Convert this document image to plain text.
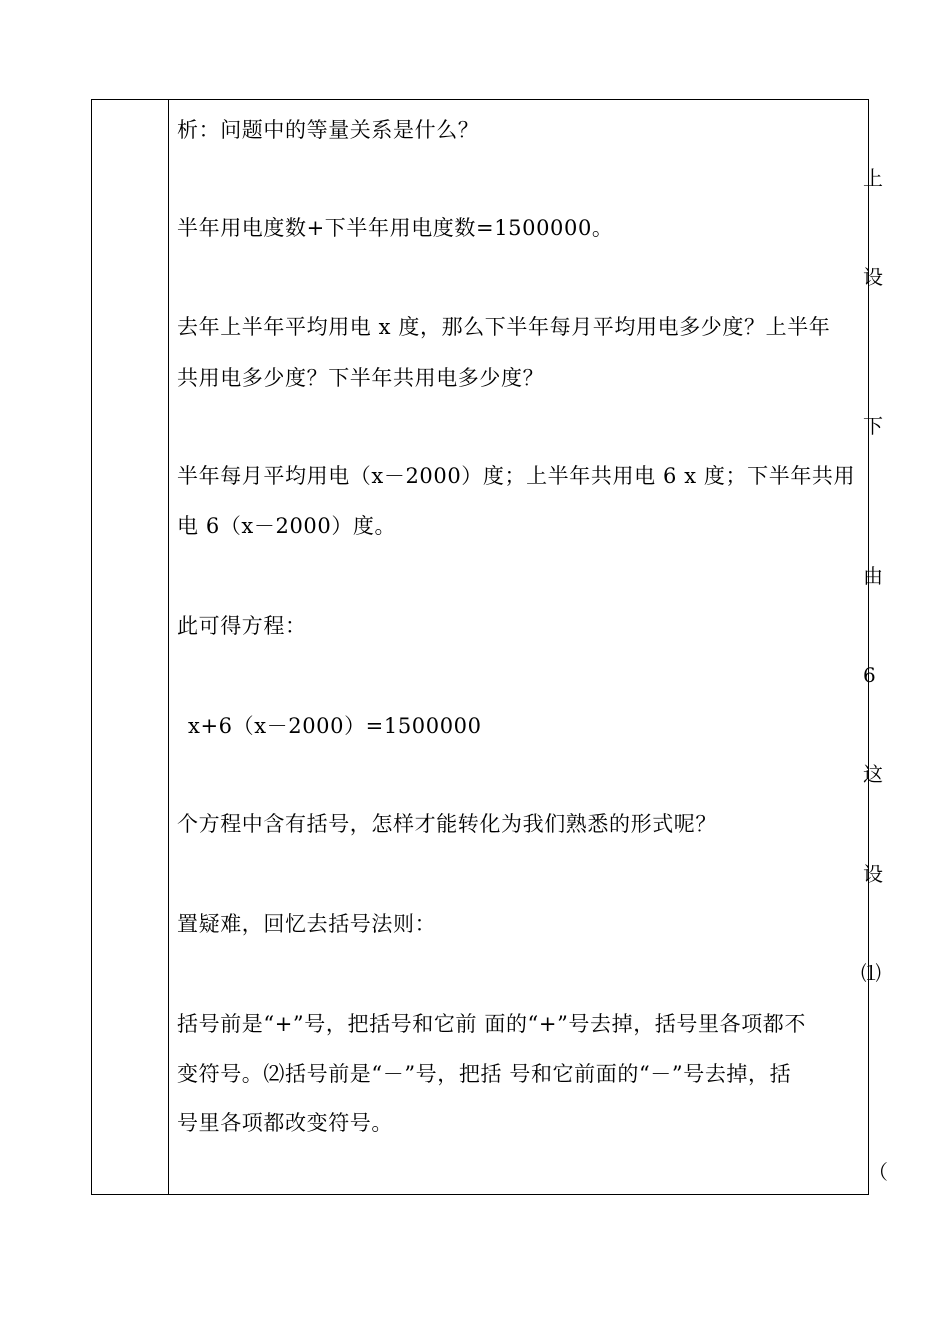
析：问题中的等量关系是什么？
半年用电度数+下半年用电度数=1500000。
去年上半年平均用电 x 度，那么下半年每月平均用电多少度？上半年
共用电多少度？下半年共用电多少度？
半年每月平均用电（x－2000）度；上半年共用电 6 x 度；下半年共用
电 6（x－2000）度。
此可得方程：
x+6（x－2000）=1500000
个方程中含有括号，怎样才能转化为我们熟悉的形式呢？
置疑难，回忆去括号法则：
括号前是“+”号，把括号和它前 面的“+”号去掉，括号里各项都不
变符号。⑵括号前是“－”号，把括 号和它前面的“－”号去掉，括
号里各项都改变符号。
上
设
下
由
6
这
设
⑴
（
